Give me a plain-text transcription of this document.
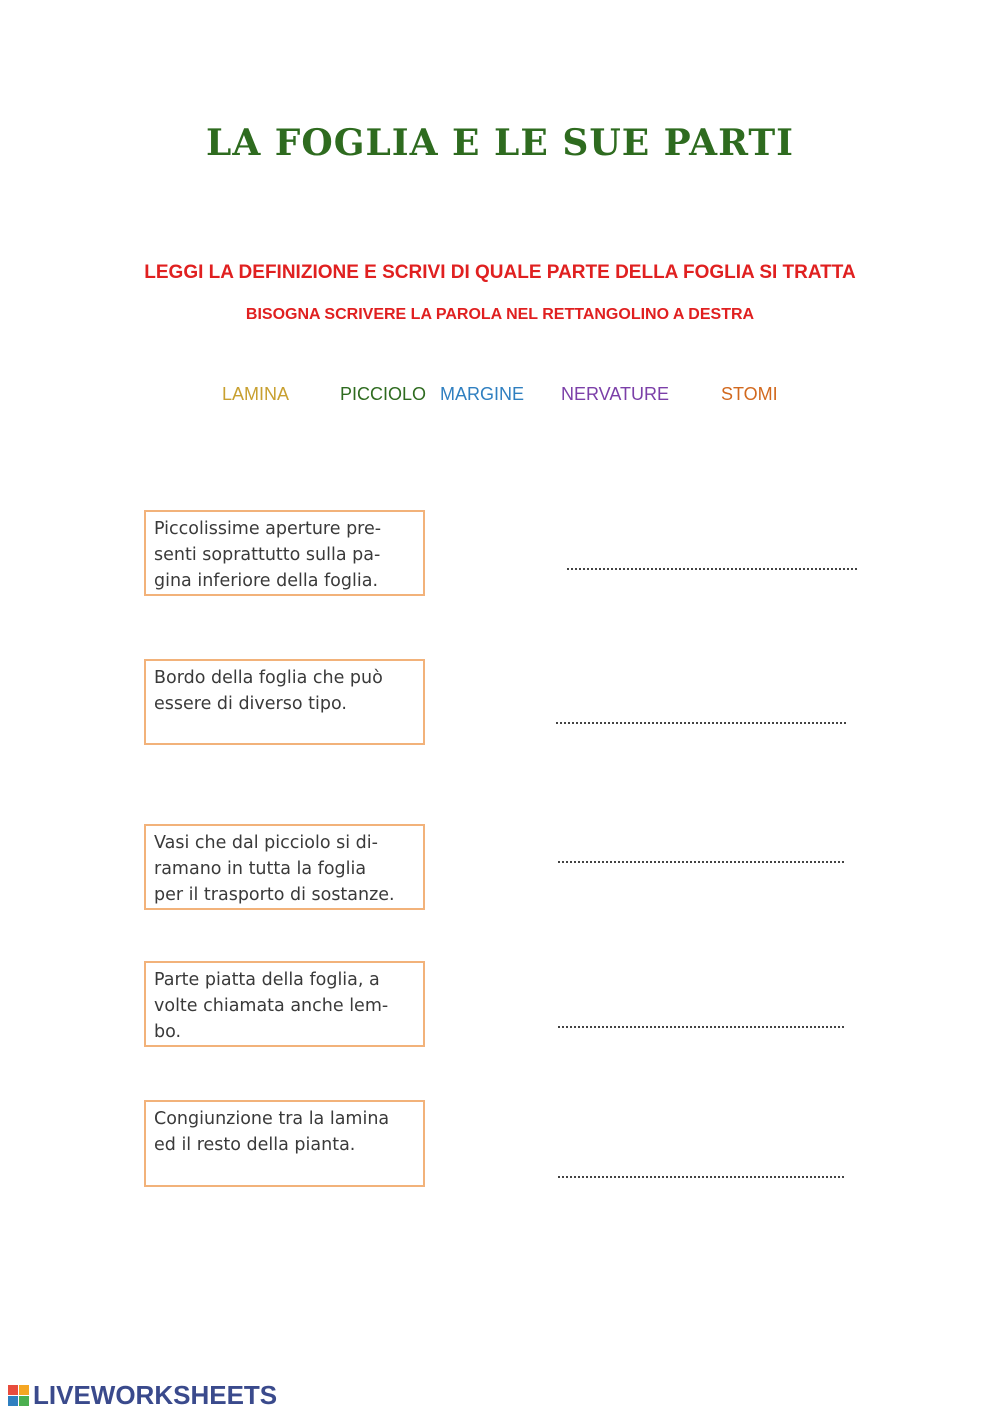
LA FOGLIA E LE SUE PARTI
LEGGI LA DEFINIZIONE E SCRIVI DI QUALE PARTE DELLA FOGLIA SI TRATTA
BISOGNA SCRIVERE LA PAROLA NEL RETTANGOLINO A DESTRA
LAMINA	PICCIOLO MARGINE NERVATURE	STOMI
Piccolissime aperture pre-
senti soprattutto sulla pa-
gina inferiore della foglia.
Bordo della foglia che può
essere di diverso tipo.
Vasi che dal picciolo si di-
ramano in tutta la foglia
per il trasporto di sostanze.
Parte piatta della foglia, a
volte chiamata anche lem-
bo.
Congiunzione tra la lamina
ed il resto della pianta.
LIVEWORKSHEETS
